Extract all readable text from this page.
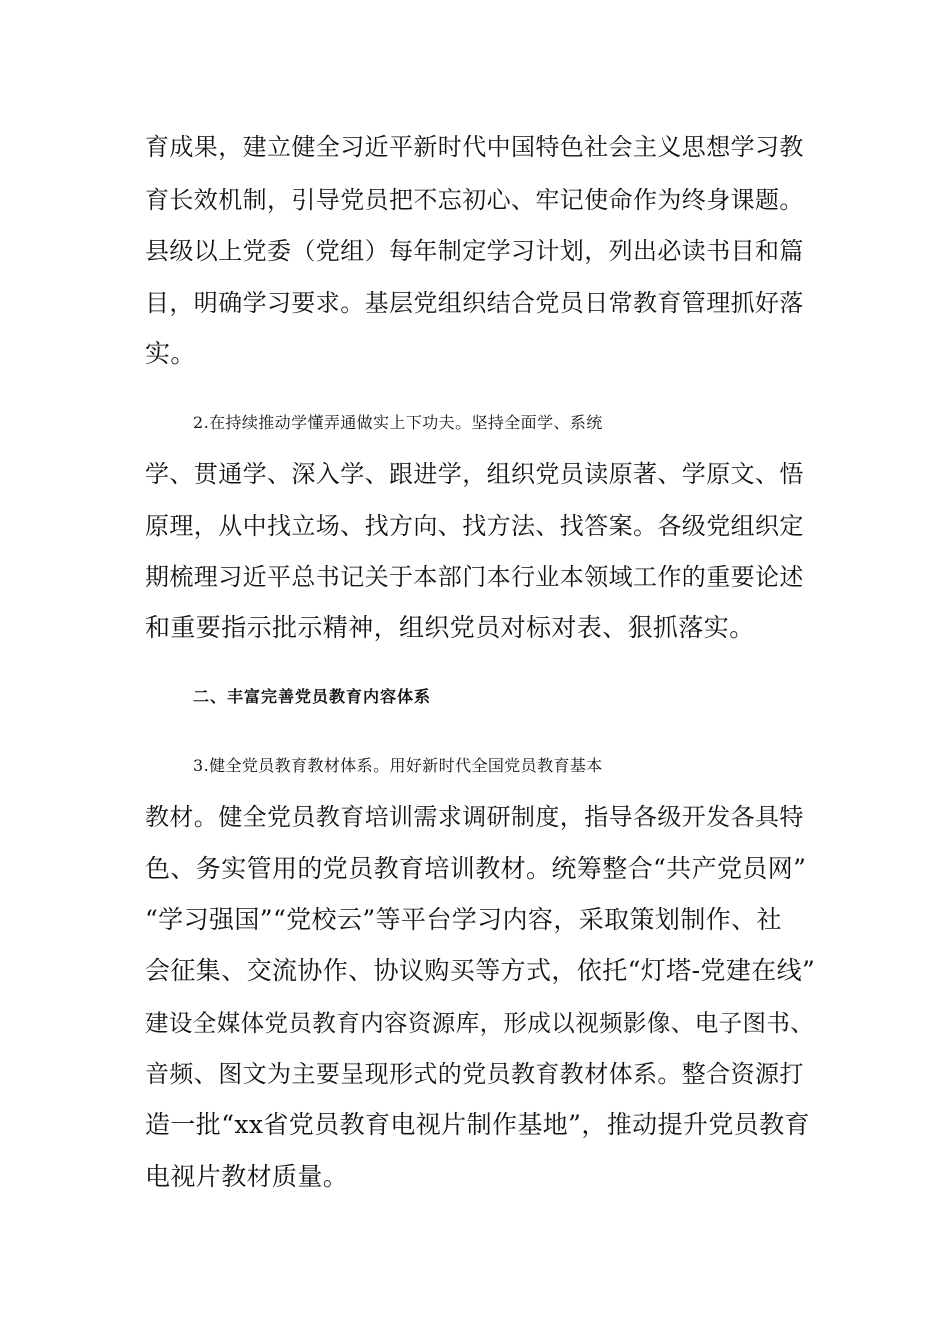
育成果，建立健全习近平新时代中国特色社会主义思想学习教

育长效机制，引导党员把不忘初心、牢记使命作为终身课题。

县级以上党委（党组）每年制定学习计划，列出必读书目和篇

目，明确学习要求。基层党组织结合党员日常教育管理抓好落

实。

2.在持续推动学懂弄通做实上下功夫。坚持全面学、系统

学、贯通学、深入学、跟进学，组织党员读原著、学原文、悟

原理，从中找立场、找方向、找方法、找答案。各级党组织定

期梳理习近平总书记关于本部门本行业本领域工作的重要论述

和重要指示批示精神，组织党员对标对表、狠抓落实。

二、丰富完善党员教育内容体系

3.健全党员教育教材体系。用好新时代全国党员教育基本

教材。健全党员教育培训需求调研制度，指导各级开发各具特

色、务实管用的党员教育培训教材。统筹整合“共产党员网”

“学习强国”“党校云”等平台学习内容，采取策划制作、社

会征集、交流协作、协议购买等方式，依托“灯塔-党建在线”

建设全媒体党员教育内容资源库，形成以视频影像、电子图书、

音频、图文为主要呈现形式的党员教育教材体系。整合资源打

造一批“xx省党员教育电视片制作基地”，推动提升党员教育

电视片教材质量。
